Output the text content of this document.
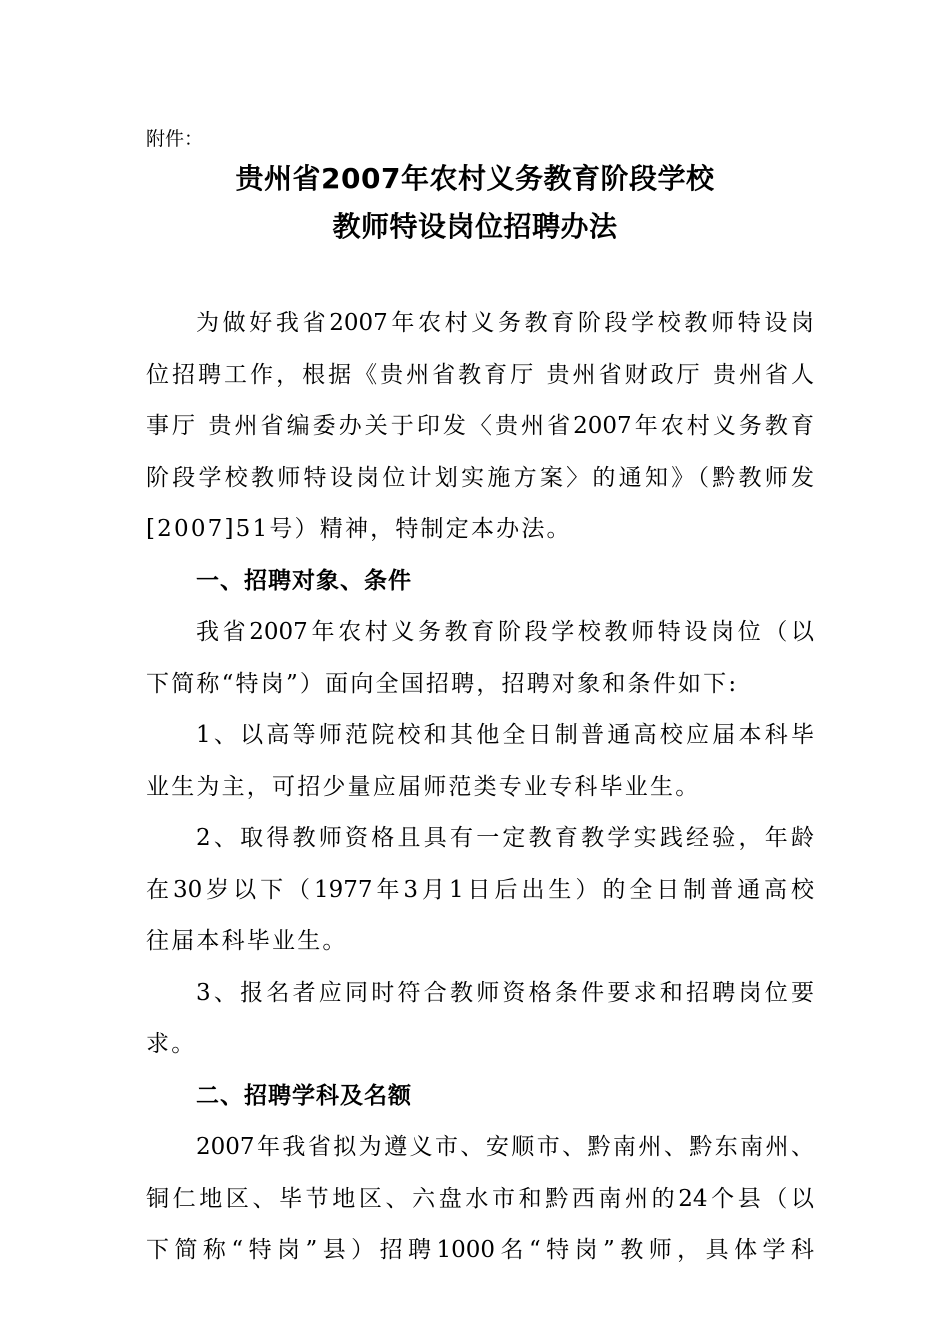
附件：
贵州省2007年农村义务教育阶段学校
教师特设岗位招聘办法
为做好我省2007年农村义务教育阶段学校教师特设岗
位招聘工作，根据《贵州省教育厅 贵州省财政厅 贵州省人
事厅 贵州省编委办关于印发〈贵州省2007年农村义务教育
阶段学校教师特设岗位计划实施方案〉的通知》（黔教师发
[2007]51号）精神，特制定本办法。
一、招聘对象、条件
我省2007年农村义务教育阶段学校教师特设岗位（以
下简称“特岗”）面向全国招聘，招聘对象和条件如下:
1、以高等师范院校和其他全日制普通高校应届本科毕
业生为主，可招少量应届师范类专业专科毕业生。
2、取得教师资格且具有一定教育教学实践经验，年龄
在30岁以下（1977年3月1日后出生）的全日制普通高校
往届本科毕业生。
3、报名者应同时符合教师资格条件要求和招聘岗位要
求。
二、招聘学科及名额
2007年我省拟为遵义市、安顺市、黔南州、黔东南州、
铜仁地区、毕节地区、六盘水市和黔西南州的24个县（以
下简称“特岗”县）招聘1000名“特岗”教师，具体学科
